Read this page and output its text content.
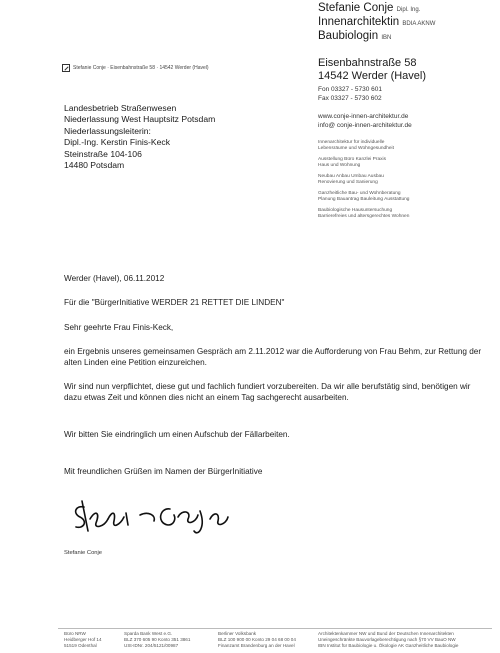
Stefanie Conje Dipl. Ing.
Innenarchitektin BDIA AKNW
Baubiologin IBN
Eisenbahnstraße 58
14542 Werder (Havel)
Fon 03327 - 5730 601
Fax 03327 - 5730 602
www.conje-innen-architektur.de
info@ conje-innen-architektur.de
Innenarchitektur für individuelle
Lebensräume und Wohngesundheit
Ausstellung Büro Kanzlei Praxis
Haus und Wohnung
Neubau Anbau Umbau Ausbau
Renovierung und Sanierung
Ganzheitliche Bau- und Wohnberatung
Planung Bauantrag Bauleitung Ausstattung
Baubiologische Hausuntersuchung
Barrierefreies und altersgerechtes Wohnen
Stefanie Conje · Eisenbahnstraße 58 · 14542 Werder (Havel)
Landesbetrieb Straßenwesen
Niederlassung West Hauptsitz Potsdam
Niederlassungsleiterin:
Dipl.-Ing. Kerstin Finis-Keck
Steinstraße 104-106
14480 Potsdam
Werder (Havel), 06.11.2012
Für die "BürgerInitiative WERDER 21 RETTET DIE LINDEN"
Sehr geehrte Frau Finis-Keck,
ein Ergebnis unseres gemeinsamen Gespräch am 2.11.2012 war die Aufforderung von Frau Behm, zur Rettung der alten Linden eine Petition einzureichen.
Wir sind nun verpflichtet, diese gut und fachlich fundiert vorzubereiten. Da wir alle berufstätig sind, benötigen wir dazu etwas Zeit und können dies nicht an einem Tag sachgerecht ausarbeiten.
Wir bitten Sie eindringlich um einen Aufschub der Fällarbeiten.
Mit freundlichen Grüßen im Namen der BürgerInitiative
Stefanie Conje
Büro NRW
Heidberger Hof 14
51519 Odenthal
Sparda Bank West e.G.
BLZ 370 605 90 Konto 351 3861
USt-IDNr. 204/5121/00987
Berliner Volksbank
BLZ 100 900 00 Konto 29 04 68 00 04
Finanzamt Brandenburg an der Havel
Architektenkammer NW und Bund der Deutschen Innenarchitekten
Uneingeschränkte Bauvorlageberechtigung nach §70 VV BauO NW
IBN Institut für Baubiologie u. Ökologie AK Ganzheitliche Baubiologie
